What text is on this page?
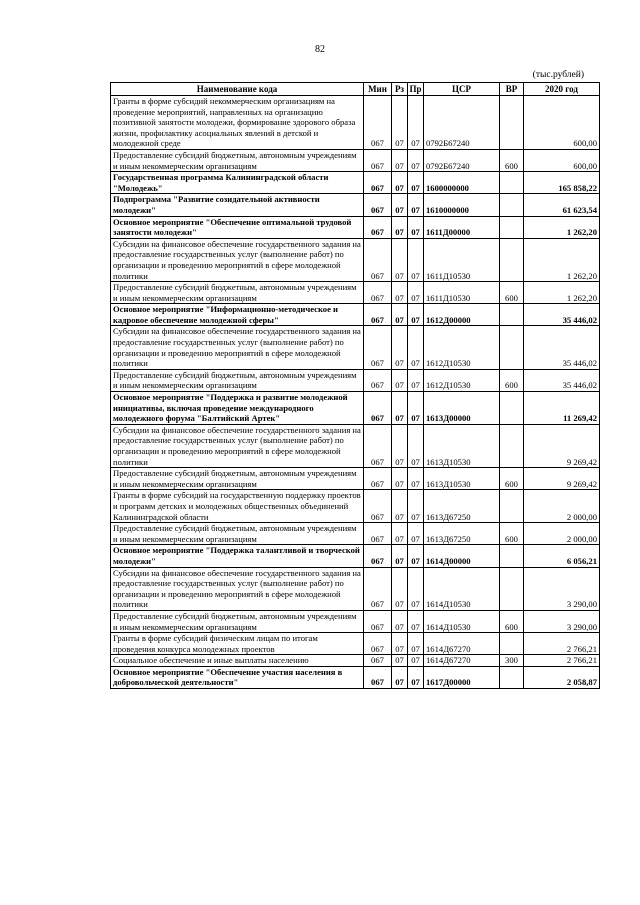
82
(тыс.рублей)
Наименование кода	Мин	Рз	Пр	ЦСР	ВР	2020 год
Гранты в форме субсидий некоммерческим организациям на проведение мероприятий, направленных на организацию позитивной занятости молодежи, формирование здорового образа жизни, профилактику асоциальных явлений в детской и молодежной среде	067	07	07	0792Б67240		600,00
Предоставление субсидий бюджетным, автономным учреждениям и иным некоммерческим организациям	067	07	07	0792Б67240	600	600,00
Государственная программа Калининградской области "Молодежь"	067	07	07	1600000000		165 858,22
Подпрограмма "Развитие созидательной активности молодежи"	067	07	07	1610000000		61 623,54
Основное мероприятие "Обеспечение оптимальной трудовой занятости молодежи"	067	07	07	1611Д00000		1 262,20
Субсидии на финансовое обеспечение государственного задания на предоставление государственных услуг (выполнение работ) по организации и проведению мероприятий в сфере молодежной политики	067	07	07	1611Д10530		1 262,20
Предоставление субсидий бюджетным, автономным учреждениям и иным некоммерческим организациям	067	07	07	1611Д10530	600	1 262,20
Основное мероприятие "Информационно-методическое и кадровое обеспечение молодежной сферы"	067	07	07	1612Д00000		35 446,02
Субсидии на финансовое обеспечение государственного задания на предоставление государственных услуг (выполнение работ) по организации и проведению мероприятий в сфере молодежной политики	067	07	07	1612Д10530		35 446,02
Предоставление субсидий бюджетным, автономным учреждениям и иным некоммерческим организациям	067	07	07	1612Д10530	600	35 446,02
Основное мероприятие "Поддержка и развитие молодежной инициативы, включая проведение международного молодежного форума "Балтийский Артек"	067	07	07	1613Д00000		11 269,42
Субсидии на финансовое обеспечение государственного задания на предоставление государственных услуг (выполнение работ) по организации и проведению мероприятий в сфере молодежной политики	067	07	07	1613Д10530		9 269,42
Предоставление субсидий бюджетным, автономным учреждениям и иным некоммерческим организациям	067	07	07	1613Д10530	600	9 269,42
Гранты в форме субсидий на государственную поддержку проектов и программ детских и молодежных общественных объединений Калининградской области	067	07	07	1613Д67250		2 000,00
Предоставление субсидий бюджетным, автономным учреждениям и иным некоммерческим организациям	067	07	07	1613Д67250	600	2 000,00
Основное мероприятие "Поддержка талантливой и творческой молодежи"	067	07	07	1614Д00000		6 056,21
Субсидии на финансовое обеспечение государственного задания на предоставление государственных услуг (выполнение работ) по организации и проведению мероприятий в сфере молодежной политики	067	07	07	1614Д10530		3 290,00
Предоставление субсидий бюджетным, автономным учреждениям и иным некоммерческим организациям	067	07	07	1614Д10530	600	3 290,00
Гранты в форме субсидий физическим лицам по итогам проведения конкурса молодежных проектов	067	07	07	1614Д67270		2 766,21
Социальное обеспечение и иные выплаты населению	067	07	07	1614Д67270	300	2 766,21
Основное мероприятие "Обеспечение участия населения в добровольческой деятельности"	067	07	07	1617Д00000		2 058,87
